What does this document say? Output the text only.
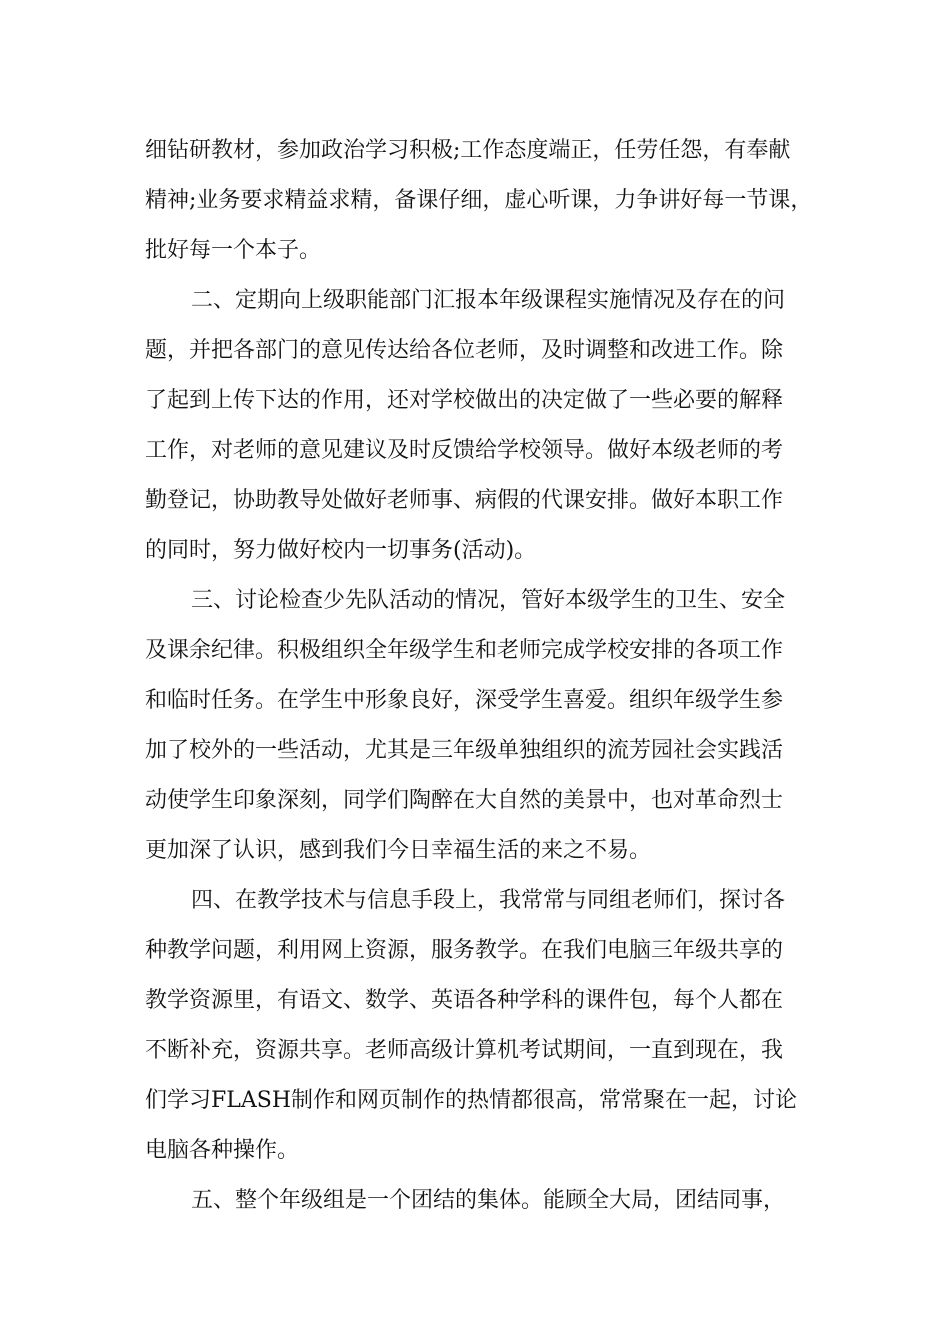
细钻研教材，参加政治学习积极;工作态度端正，任劳任怨，有奉献
精神;业务要求精益求精，备课仔细，虚心听课，力争讲好每一节课，
批好每一个本子。
二、定期向上级职能部门汇报本年级课程实施情况及存在的问
题，并把各部门的意见传达给各位老师，及时调整和改进工作。除
了起到上传下达的作用，还对学校做出的决定做了一些必要的解释
工作，对老师的意见建议及时反馈给学校领导。做好本级老师的考
勤登记，协助教导处做好老师事、病假的代课安排。做好本职工作
的同时，努力做好校内一切事务(活动)。
三、讨论检查少先队活动的情况，管好本级学生的卫生、安全
及课余纪律。积极组织全年级学生和老师完成学校安排的各项工作
和临时任务。在学生中形象良好，深受学生喜爱。组织年级学生参
加了校外的一些活动，尤其是三年级单独组织的流芳园社会实践活
动使学生印象深刻，同学们陶醉在大自然的美景中，也对革命烈士
更加深了认识，感到我们今日幸福生活的来之不易。
四、在教学技术与信息手段上，我常常与同组老师们，探讨各
种教学问题，利用网上资源，服务教学。在我们电脑三年级共享的
教学资源里，有语文、数学、英语各种学科的课件包，每个人都在
不断补充，资源共享。老师高级计算机考试期间，一直到现在，我
们学习FLASH制作和网页制作的热情都很高，常常聚在一起，讨论
电脑各种操作。
五、整个年级组是一个团结的集体。能顾全大局，团结同事，
